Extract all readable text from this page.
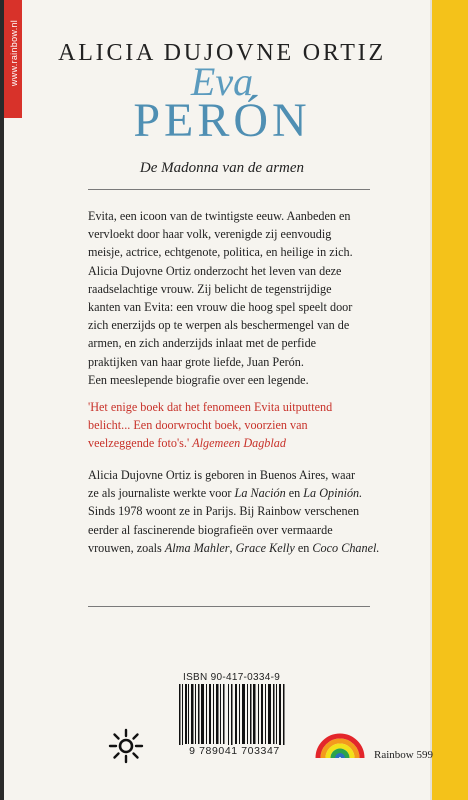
www.rainbow.nl	ALICIA DUJOVNE ORTIZ
Eva
PERÓN
De Madonna van de armen
Evita, een icoon van de twintigste eeuw. Aanbeden en
vervloekt door haar volk, verenigde zij eenvoudig
meisje, actrice, echtgenote, politica, en heilige in zich.
Alicia Dujovne Ortiz onderzocht het leven van deze
raadselachtige vrouw. Zij belicht de tegenstrijdige
kanten van Evita: een vrouw die hoog spel speelt door
zich enerzijds op te werpen als beschermengel van de
armen, en zich anderzijds inlaat met de perfide
praktijken van haar grote liefde, Juan Perón.
Een meeslepende biografie over een legende.
'Het enige boek dat het fenomeen Evita uitputtend
belicht... Een doorwrocht boek, voorzien van
veelzeggende foto's.' Algemeen Dagblad
Alicia Dujovne Ortiz is geboren in Buenos Aires, waar
ze als journaliste werkte voor La Nación en La Opinión.
Sinds 1978 woont ze in Parijs. Bij Rainbow verschenen
eerder al fascinerende biografieën over vermaarde
vrouwen, zoals Alma Mahler, Grace Kelly en Coco Chanel.
ISBN 90-417-0334-9
9 789041 703347	Rainbow 599
